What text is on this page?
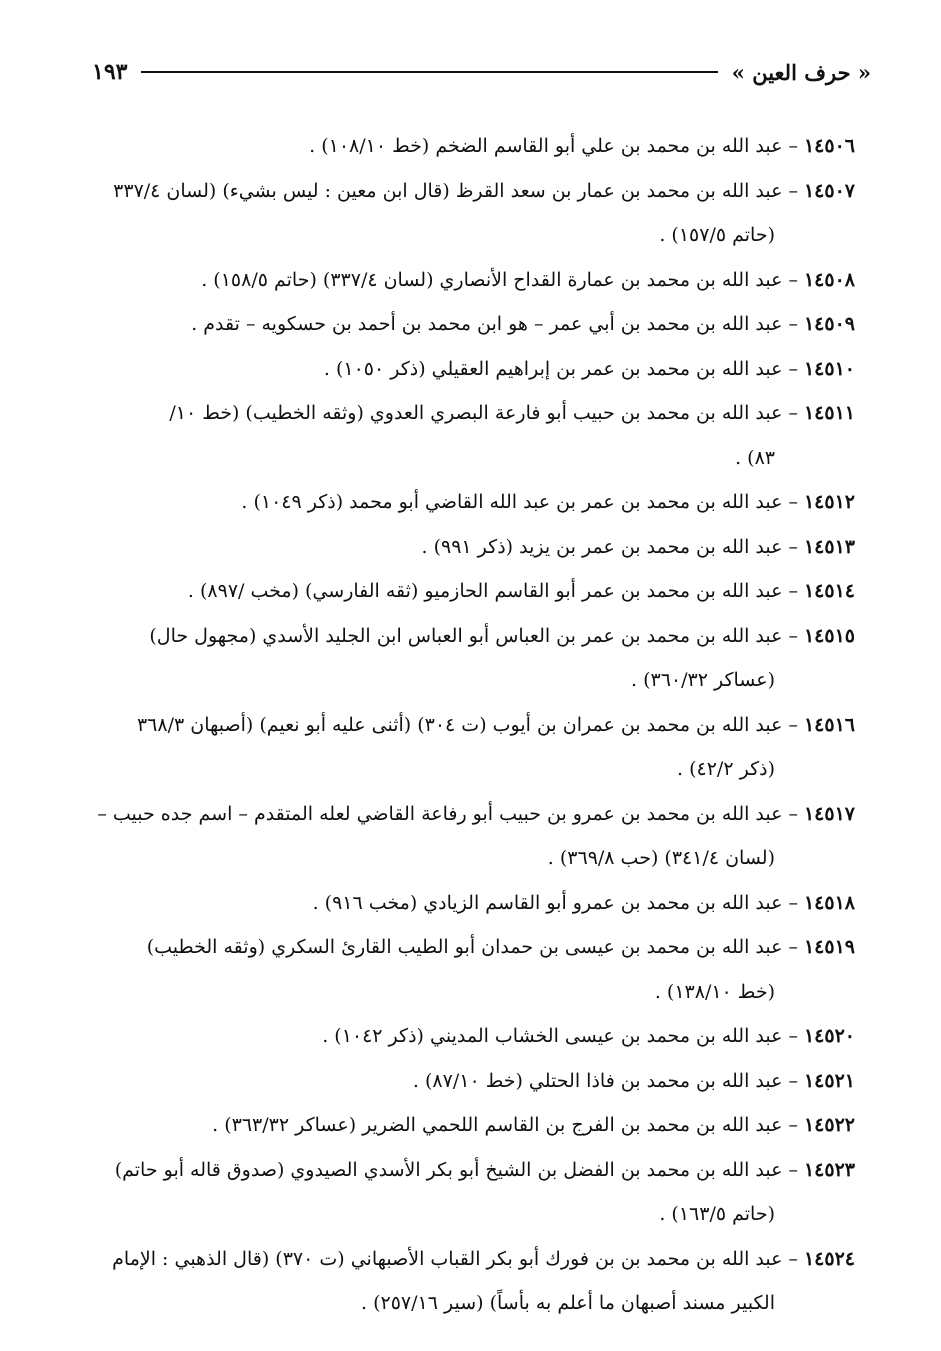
« حرف العين »
١٩٣
١٤٥٠٦–عبد الله بن محمد بن علي أبو القاسم الضخم (خط ١٠٨/١٠) .
١٤٥٠٧–عبد الله بن محمد بن عمار بن سعد القرظ (قال ابن معين : ليس بشيء) (لسان ٣٣٧/٤
(حاتم ١٥٧/٥) .
١٤٥٠٨–عبد الله بن محمد بن عمارة القداح الأنصاري (لسان ٣٣٧/٤) (حاتم ١٥٨/٥) .
١٤٥٠٩–عبد الله بن محمد بن أبي عمر – هو ابن محمد بن أحمد بن حسكويه – تقدم .
١٤٥١٠–عبد الله بن محمد بن عمر بن إبراهيم العقيلي (ذكر ١٠٥٠) .
١٤٥١١–عبد الله بن محمد بن حبيب أبو فارعة البصري العدوي (وثقه الخطيب) (خط ١٠/
٨٣) .
١٤٥١٢–عبد الله بن محمد بن عمر بن عبد الله القاضي أبو محمد (ذكر ١٠٤٩) .
١٤٥١٣–عبد الله بن محمد بن عمر بن يزيد (ذكر ٩٩١) .
١٤٥١٤–عبد الله بن محمد بن عمر أبو القاسم الحازميو (ثقه الفارسي) (مخب /٨٩٧) .
١٤٥١٥–عبد الله بن محمد بن عمر بن العباس أبو العباس ابن الجليد الأسدي (مجهول حال)
(عساكر ٣٦٠/٣٢) .
١٤٥١٦–عبد الله بن محمد بن عمران بن أيوب (ت ٣٠٤) (أثنى عليه أبو نعيم) (أصبهان ٣٦٨/٣
(ذكر ٤٢/٢) .
١٤٥١٧–عبد الله بن محمد بن عمرو بن حبيب أبو رفاعة القاضي لعله المتقدم – اسم جده حبيب –
(لسان ٣٤١/٤) (حب ٣٦٩/٨) .
١٤٥١٨–عبد الله بن محمد بن عمرو أبو القاسم الزيادي (مخب ٩١٦) .
١٤٥١٩–عبد الله بن محمد بن عيسى بن حمدان أبو الطيب القارئ السكري (وثقه الخطيب)
(خط ١٣٨/١٠) .
١٤٥٢٠–عبد الله بن محمد بن عيسى الخشاب المديني (ذكر ١٠٤٢) .
١٤٥٢١–عبد الله بن محمد بن فاذا الحتلي (خط ٨٧/١٠) .
١٤٥٢٢–عبد الله بن محمد بن الفرج بن القاسم اللحمي الضرير (عساكر ٣٦٣/٣٢) .
١٤٥٢٣–عبد الله بن محمد بن الفضل بن الشيخ أبو بكر الأسدي الصيدوي (صدوق قاله أبو حاتم)
(حاتم ١٦٣/٥) .
١٤٥٢٤–عبد الله بن محمد بن بن فورك أبو بكر القباب الأصبهاني (ت ٣٧٠) (قال الذهبي : الإمام
الكبير مسند أصبهان ما أعلم به بأساً) (سير ٢٥٧/١٦) .
